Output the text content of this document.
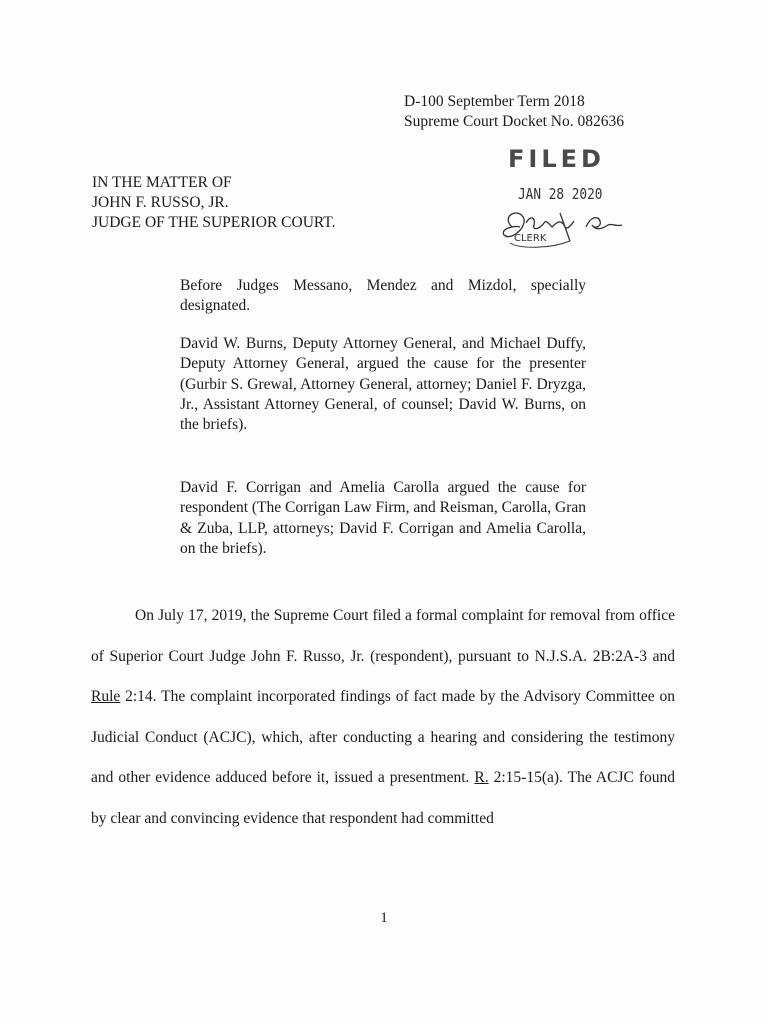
D-100 September Term 2018
Supreme Court Docket No. 082636
IN THE MATTER OF
JOHN F. RUSSO, JR.
JUDGE OF THE SUPERIOR COURT.
FILED
JAN 28 2020
CLERK
Before Judges Messano, Mendez and Mizdol, specially designated.
David W. Burns, Deputy Attorney General, and Michael Duffy, Deputy Attorney General, argued the cause for the presenter (Gurbir S. Grewal, Attorney General, attorney; Daniel F. Dryzga, Jr., Assistant Attorney General, of counsel; David W. Burns, on the briefs).
David F. Corrigan and Amelia Carolla argued the cause for respondent (The Corrigan Law Firm, and Reisman, Carolla, Gran & Zuba, LLP, attorneys; David F. Corrigan and Amelia Carolla, on the briefs).

On July 17, 2019, the Supreme Court filed a formal complaint for removal from office of Superior Court Judge John F. Russo, Jr. (respondent), pursuant to N.J.S.A. 2B:2A-3 and Rule 2:14. The complaint incorporated findings of fact made by the Advisory Committee on Judicial Conduct (ACJC), which, after conducting a hearing and considering the testimony and other evidence adduced before it, issued a presentment. R. 2:15-15(a). The ACJC found by clear and convincing evidence that respondent had committed

1
